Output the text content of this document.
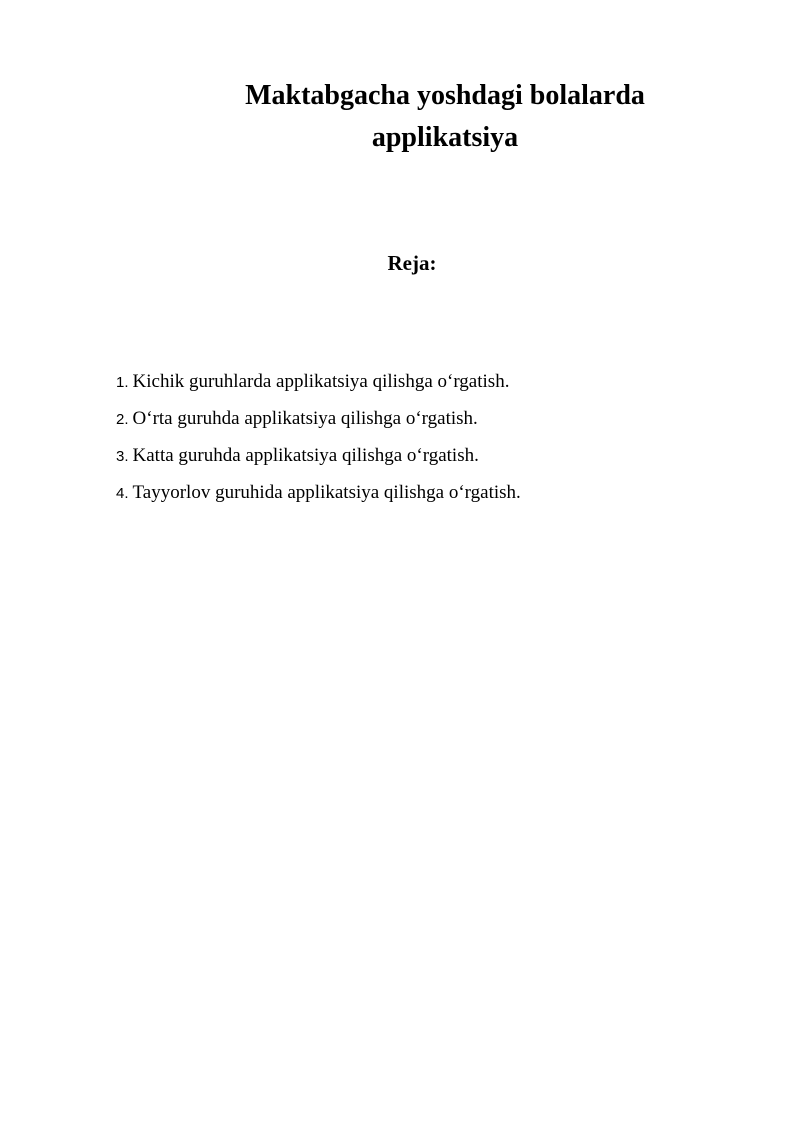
Maktabgacha yoshdagi bolalarda
applikatsiya
Reja:
1. Kichik guruhlarda applikatsiya qilishga o‘rgatish.
2. O‘rta guruhda applikatsiya qilishga o‘rgatish.
3. Katta guruhda applikatsiya qilishga o‘rgatish.
4. Tayyorlov guruhida applikatsiya qilishga o‘rgatish.
